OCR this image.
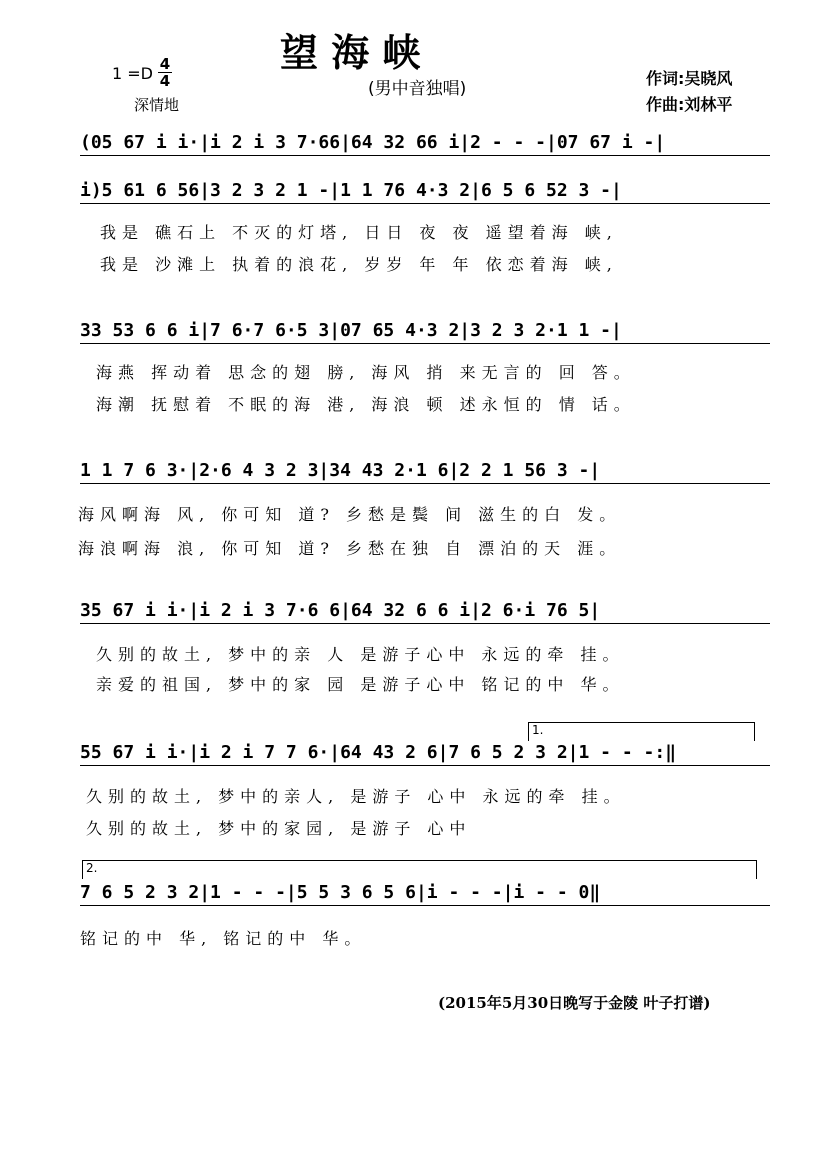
望 海 峡
(男中音独唱)
1 =D 4
4
深情地
作词:吴晓风
作曲:刘林平
(05 67 i i·|i 2 i 3 7·66|64 32 66 i|2 - - -|07 67 i -|
i)5 61 6 56|3 2 3 2 1 -|1 1 76 4·3 2|6 5 6 52 3 -|
我是 礁石上 不灭的灯塔, 日日 夜 夜 遥望着海 峡,
我是 沙滩上 执着的浪花, 岁岁 年 年 依恋着海 峡,
33 53 6 6 i|7 6·7 6·5 3|07 65 4·3 2|3 2 3 2·1 1 -|
海燕 挥动着 思念的翅 膀, 海风 捎 来无言的 回 答。
海潮 抚慰着 不眠的海 港, 海浪 顿 述永恒的 情 话。
1 1 7 6 3·|2·6 4 3 2 3|34 43 2·1 6|2 2 1 56 3 -|
海风啊海 风, 你可知 道? 乡愁是鬓 间 滋生的白 发。
海浪啊海 浪, 你可知 道? 乡愁在独 自 漂泊的天 涯。
35 67 i i·|i 2 i 3 7·6 6|64 32 6 6 i|2 6·i 76 5|
久别的故土, 梦中的亲 人 是游子心中 永远的牵 挂。
亲爱的祖国, 梦中的家 园 是游子心中 铭记的中 华。
1.
55 67 i i·|i 2 i 7 7 6·|64 43 2 6|7 6 5 2 3 2|1 - - -:‖
久别的故土, 梦中的亲人, 是游子 心中 永远的牵 挂。
久别的故土, 梦中的家园, 是游子 心中
2.
7 6 5 2 3 2|1 - - -|5 5 3 6 5 6|i - - -|i - - 0‖
铭记的中 华, 铭记的中 华。
(2015年5月30日晚写于金陵 叶子打谱)
